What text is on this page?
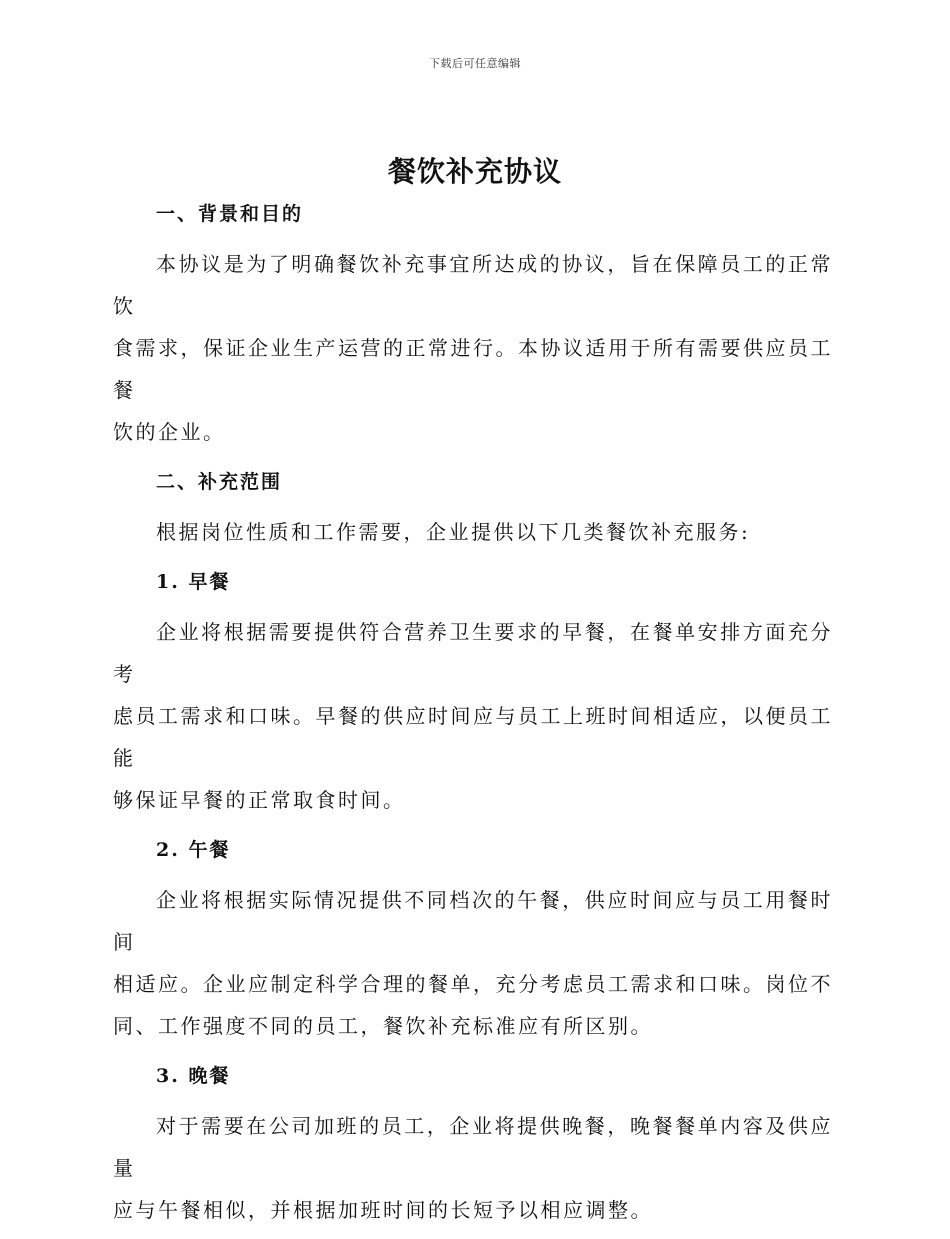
下载后可任意编辑
餐饮补充协议
一、背景和目的

本协议是为了明确餐饮补充事宜所达成的协议，旨在保障员工的正常饮
食需求，保证企业生产运营的正常进行。本协议适用于所有需要供应员工餐
饮的企业。

二、补充范围

根据岗位性质和工作需要，企业提供以下几类餐饮补充服务:

1. 早餐

企业将根据需要提供符合营养卫生要求的早餐，在餐单安排方面充分考
虑员工需求和口味。早餐的供应时间应与员工上班时间相适应，以便员工能
够保证早餐的正常取食时间。

2. 午餐

企业将根据实际情况提供不同档次的午餐，供应时间应与员工用餐时间
相适应。企业应制定科学合理的餐单，充分考虑员工需求和口味。岗位不
同、工作强度不同的员工，餐饮补充标准应有所区别。

3. 晚餐

对于需要在公司加班的员工，企业将提供晚餐，晚餐餐单内容及供应量
应与午餐相似，并根据加班时间的长短予以相应调整。
